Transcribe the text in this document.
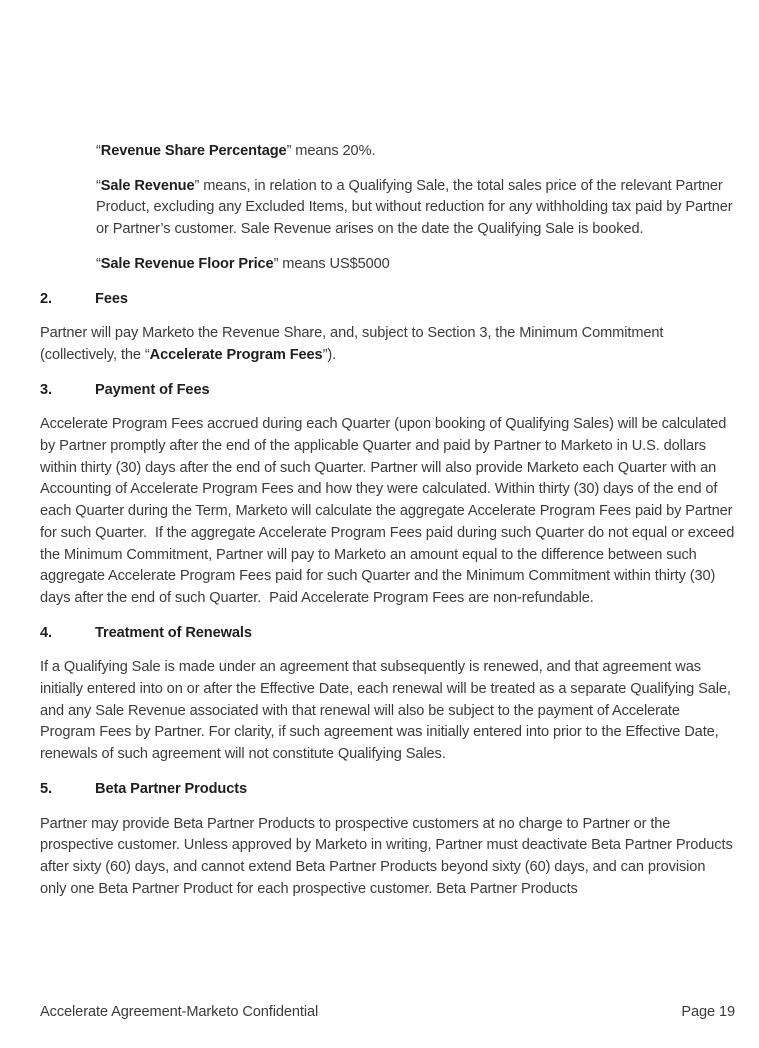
“Revenue Share Percentage” means 20%.

“Sale Revenue” means, in relation to a Qualifying Sale, the total sales price of the relevant Partner Product, excluding any Excluded Items, but without reduction for any withholding tax paid by Partner or Partner’s customer. Sale Revenue arises on the date the Qualifying Sale is booked.

“Sale Revenue Floor Price” means US$5000

2.	Fees

Partner will pay Marketo the Revenue Share, and, subject to Section 3, the Minimum Commitment (collectively, the “Accelerate Program Fees”).

3.	Payment of Fees

Accelerate Program Fees accrued during each Quarter (upon booking of Qualifying Sales) will be calculated by Partner promptly after the end of the applicable Quarter and paid by Partner to Marketo in U.S. dollars within thirty (30) days after the end of such Quarter. Partner will also provide Marketo each Quarter with an Accounting of Accelerate Program Fees and how they were calculated. Within thirty (30) days of the end of each Quarter during the Term, Marketo will calculate the aggregate Accelerate Program Fees paid by Partner for such Quarter.  If the aggregate Accelerate Program Fees paid during such Quarter do not equal or exceed the Minimum Commitment, Partner will pay to Marketo an amount equal to the difference between such aggregate Accelerate Program Fees paid for such Quarter and the Minimum Commitment within thirty (30) days after the end of such Quarter.  Paid Accelerate Program Fees are non-refundable.

4.	Treatment of Renewals

If a Qualifying Sale is made under an agreement that subsequently is renewed, and that agreement was initially entered into on or after the Effective Date, each renewal will be treated as a separate Qualifying Sale, and any Sale Revenue associated with that renewal will also be subject to the payment of Accelerate Program Fees by Partner. For clarity, if such agreement was initially entered into prior to the Effective Date, renewals of such agreement will not constitute Qualifying Sales.

5.	Beta Partner Products

Partner may provide Beta Partner Products to prospective customers at no charge to Partner or the prospective customer. Unless approved by Marketo in writing, Partner must deactivate Beta Partner Products after sixty (60) days, and cannot extend Beta Partner Products beyond sixty (60) days, and can provision only one Beta Partner Product for each prospective customer. Beta Partner Products

Accelerate Agreement-Marketo Confidential	Page 19
